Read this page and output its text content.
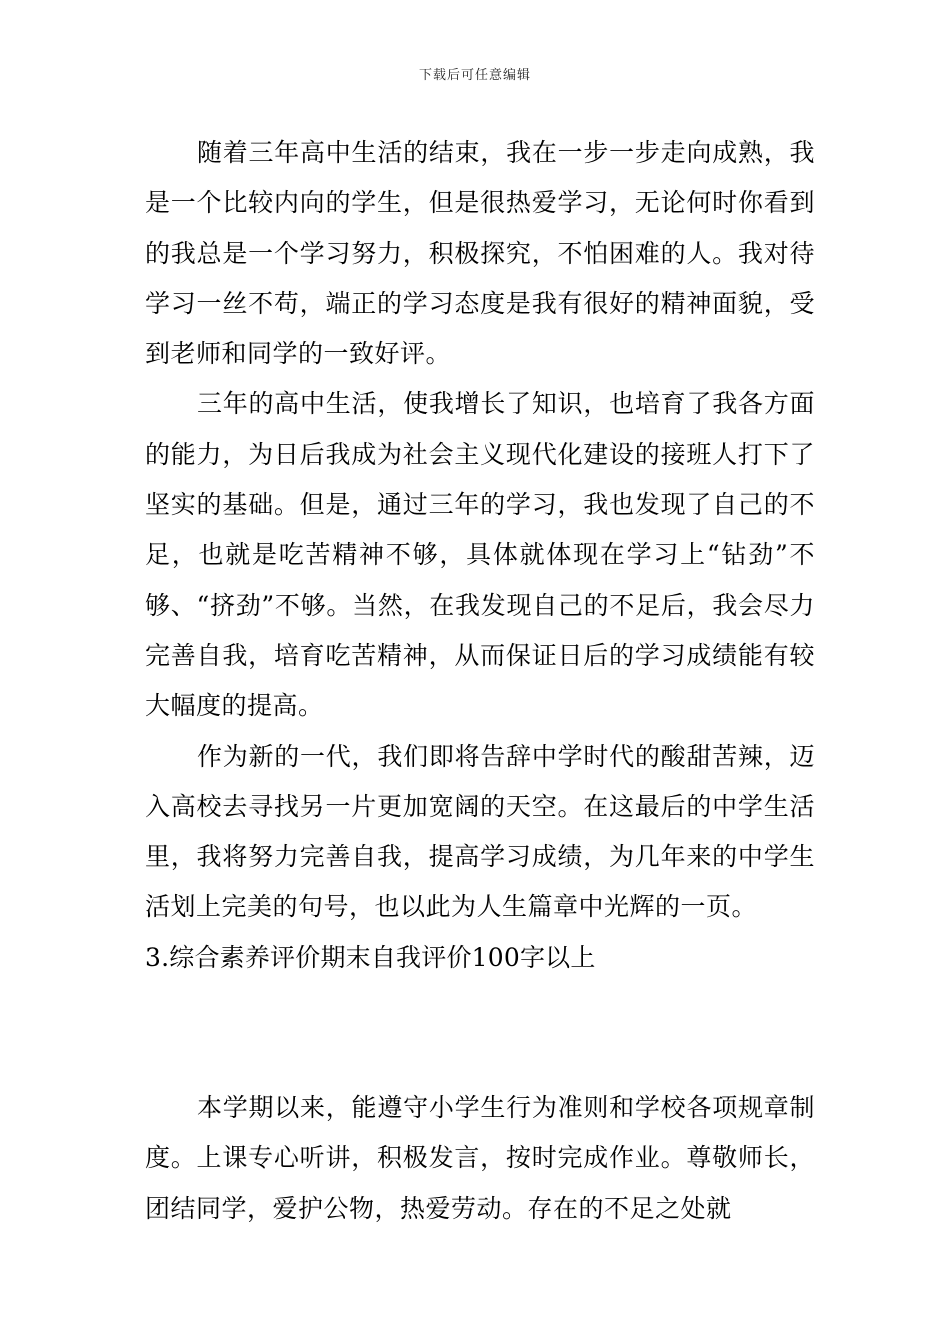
下载后可任意编辑

随着三年高中生活的结束，我在一步一步走向成熟，我是一个比较内向的学生，但是很热爱学习，无论何时你看到的我总是一个学习努力，积极探究，不怕困难的人。我对待学习一丝不苟，端正的学习态度是我有很好的精神面貌，受到老师和同学的一致好评。

三年的高中生活，使我增长了知识，也培育了我各方面的能力，为日后我成为社会主义现代化建设的接班人打下了坚实的基础。但是，通过三年的学习，我也发现了自己的不足，也就是吃苦精神不够，具体就体现在学习上“钻劲”不够、“挤劲”不够。当然，在我发现自己的不足后，我会尽力完善自我，培育吃苦精神，从而保证日后的学习成绩能有较大幅度的提高。

作为新的一代，我们即将告辞中学时代的酸甜苦辣，迈入高校去寻找另一片更加宽阔的天空。在这最后的中学生活里，我将努力完善自我，提高学习成绩，为几年来的中学生活划上完美的句号，也以此为人生篇章中光辉的一页。

3.综合素养评价期末自我评价100字以上

本学期以来，能遵守小学生行为准则和学校各项规章制度。上课专心听讲，积极发言，按时完成作业。尊敬师长，团结同学，爱护公物，热爱劳动。存在的不足之处就
